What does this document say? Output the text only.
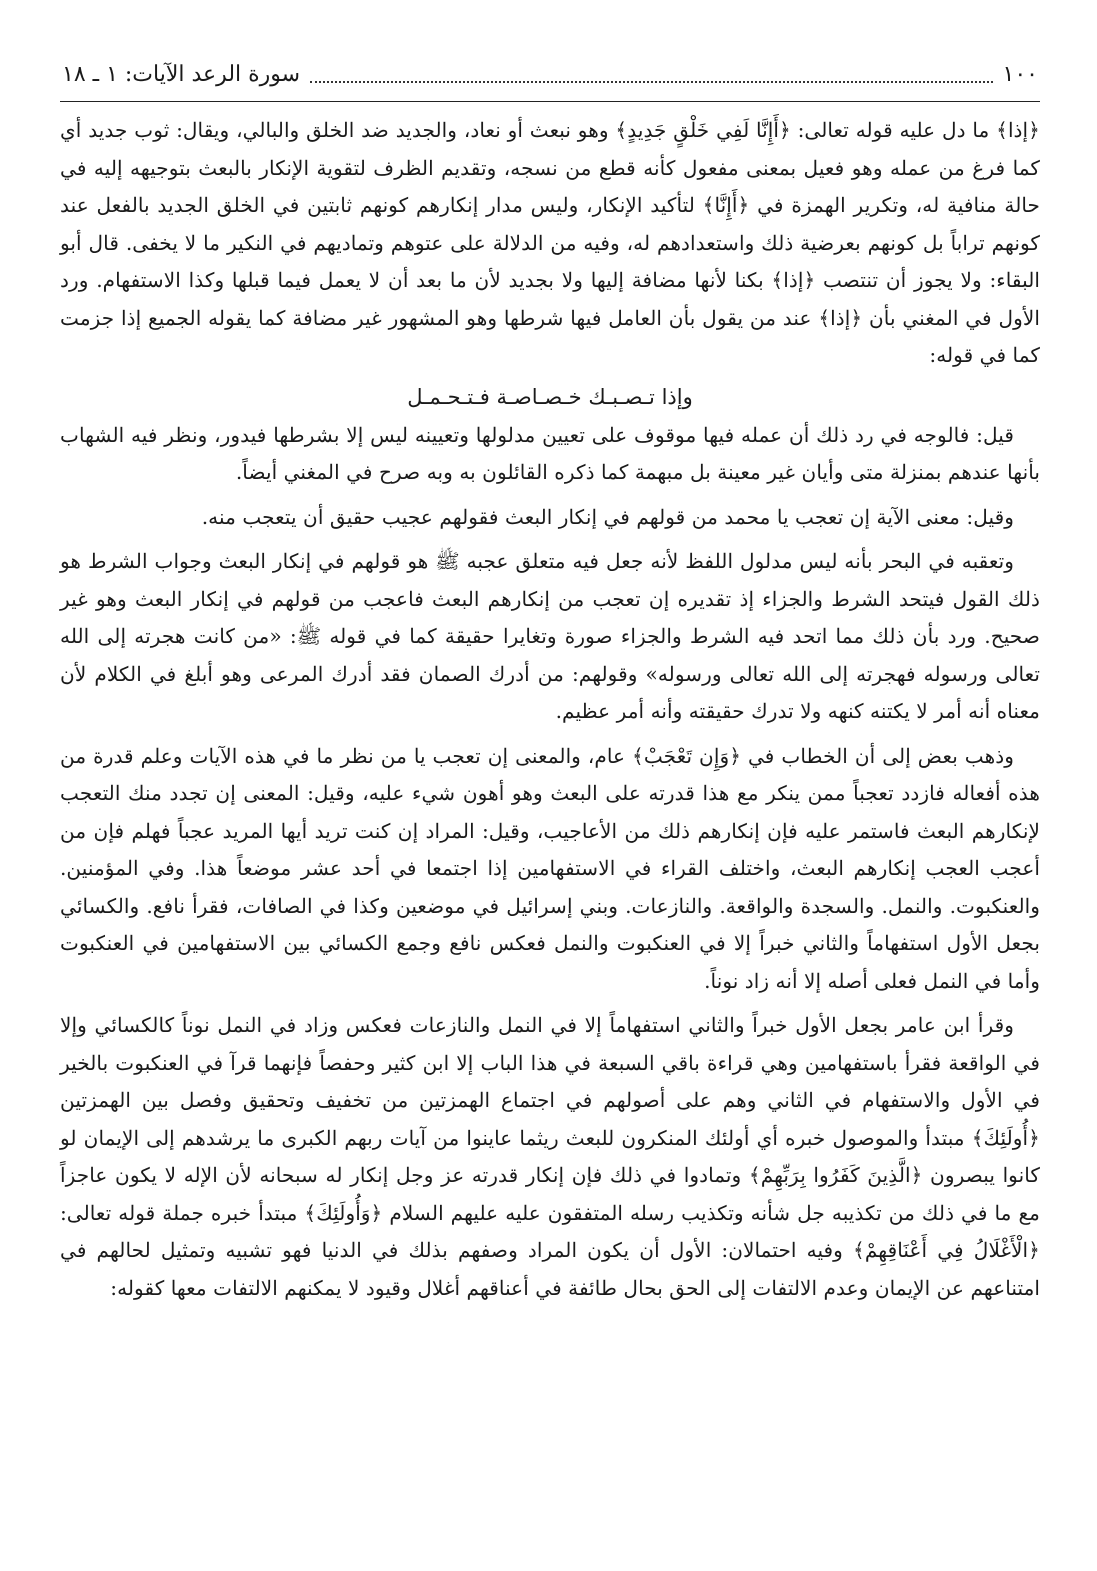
١٠٠
سورة الرعد الآيات: ١ ـ ١٨

﴿إذا﴾ ما دل عليه قوله تعالى: ﴿أَإِنَّا لَفِي خَلْقٍ جَدِيدٍ﴾ وهو نبعث أو نعاد، والجديد ضد الخلق والبالي، ويقال: ثوب جديد أي كما فرغ من عمله وهو فعيل بمعنى مفعول كأنه قطع من نسجه، وتقديم الظرف لتقوية الإنكار بالبعث بتوجيهه إليه في حالة منافية له، وتكرير الهمزة في ﴿أَإِنَّا﴾ لتأكيد الإنكار، وليس مدار إنكارهم كونهم ثابتين في الخلق الجديد بالفعل عند كونهم تراباً بل كونهم بعرضية ذلك واستعدادهم له، وفيه من الدلالة على عتوهم وتماديهم في النكير ما لا يخفى. قال أبو البقاء: ولا يجوز أن تنتصب ﴿إذا﴾ بكنا لأنها مضافة إليها ولا بجديد لأن ما بعد أن لا يعمل فيما قبلها وكذا الاستفهام. ورد الأول في المغني بأن ﴿إذا﴾ عند من يقول بأن العامل فيها شرطها وهو المشهور غير مضافة كما يقوله الجميع إذا جزمت كما في قوله:

وإذا تـصـبـك خـصـاصـة فـتـحـمـل

قيل: فالوجه في رد ذلك أن عمله فيها موقوف على تعيين مدلولها وتعيينه ليس إلا بشرطها فيدور، ونظر فيه الشهاب بأنها عندهم بمنزلة متى وأيان غير معينة بل مبهمة كما ذكره القائلون به وبه صرح في المغني أيضاً.

وقيل: معنى الآية إن تعجب يا محمد من قولهم في إنكار البعث فقولهم عجيب حقيق أن يتعجب منه.

وتعقبه في البحر بأنه ليس مدلول اللفظ لأنه جعل فيه متعلق عجبه ﷺ هو قولهم في إنكار البعث وجواب الشرط هو ذلك القول فيتحد الشرط والجزاء إذ تقديره إن تعجب من إنكارهم البعث فاعجب من قولهم في إنكار البعث وهو غير صحيح. ورد بأن ذلك مما اتحد فيه الشرط والجزاء صورة وتغايرا حقيقة كما في قوله ﷺ: «من كانت هجرته إلى الله تعالى ورسوله فهجرته إلى الله تعالى ورسوله» وقولهم: من أدرك الصمان فقد أدرك المرعى وهو أبلغ في الكلام لأن معناه أنه أمر لا يكتنه كنهه ولا تدرك حقيقته وأنه أمر عظيم.

وذهب بعض إلى أن الخطاب في ﴿وَإِن تَعْجَبْ﴾ عام، والمعنى إن تعجب يا من نظر ما في هذه الآيات وعلم قدرة من هذه أفعاله فازدد تعجباً ممن ينكر مع هذا قدرته على البعث وهو أهون شيء عليه، وقيل: المعنى إن تجدد منك التعجب لإنكارهم البعث فاستمر عليه فإن إنكارهم ذلك من الأعاجيب، وقيل: المراد إن كنت تريد أيها المريد عجباً فهلم فإن من أعجب العجب إنكارهم البعث، واختلف القراء في الاستفهامين إذا اجتمعا في أحد عشر موضعاً هذا. وفي المؤمنين. والعنكبوت. والنمل. والسجدة والواقعة. والنازعات. وبني إسرائيل في موضعين وكذا في الصافات، فقرأ نافع. والكسائي بجعل الأول استفهاماً والثاني خبراً إلا في العنكبوت والنمل فعكس نافع وجمع الكسائي بين الاستفهامين في العنكبوت وأما في النمل فعلى أصله إلا أنه زاد نوناً.

وقرأ ابن عامر بجعل الأول خبراً والثاني استفهاماً إلا في النمل والنازعات فعكس وزاد في النمل نوناً كالكسائي وإلا في الواقعة فقرأ باستفهامين وهي قراءة باقي السبعة في هذا الباب إلا ابن كثير وحفصاً فإنهما قرآ في العنكبوت بالخير في الأول والاستفهام في الثاني وهم على أصولهم في اجتماع الهمزتين من تخفيف وتحقيق وفصل بين الهمزتين ﴿أُولَئِكَ﴾ مبتدأ والموصول خبره أي أولئك المنكرون للبعث ريثما عاينوا من آيات ربهم الكبرى ما يرشدهم إلى الإيمان لو كانوا يبصرون ﴿الَّذِينَ كَفَرُوا بِرَبِّهِمْ﴾ وتمادوا في ذلك فإن إنكار قدرته عز وجل إنكار له سبحانه لأن الإله لا يكون عاجزاً مع ما في ذلك من تكذيبه جل شأنه وتكذيب رسله المتفقون عليه عليهم السلام ﴿وَأُولَئِكَ﴾ مبتدأ خبره جملة قوله تعالى: ﴿الْأَغْلَالُ فِي أَعْنَاقِهِمْ﴾ وفيه احتمالان: الأول أن يكون المراد وصفهم بذلك في الدنيا فهو تشبيه وتمثيل لحالهم في امتناعهم عن الإيمان وعدم الالتفات إلى الحق بحال طائفة في أعناقهم أغلال وقيود لا يمكنهم الالتفات معها كقوله:
